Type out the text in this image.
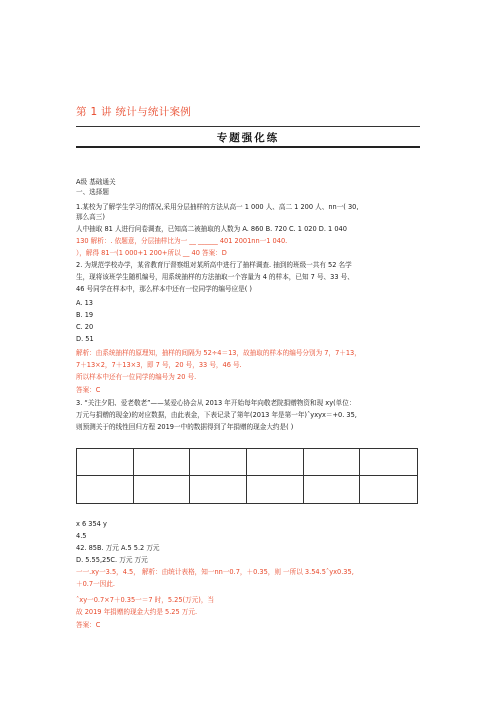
第 1 讲 统计与统计案例
专题强化练
A级 基础通关
一、选择题
1.某校为了解学生学习的情况,采用分层抽样的方法从高一 1 000 人、高二 1 200 人、nn一( 30,
那么高三)
人中抽取 81 人进行问卷调查，已知高二被抽取的人数为 A. 860 B. 720 C. 1 020 D. 1 040
130 解析：. 依题意，分层抽样比为一 __ ______ 401 2001nn一1 040.
），解得 81一(1 000+1 200+所以 __ 40 答案：D
2. 为规范学校办学，某省教育厅督察组对某所高中进行了抽样调查. 抽到的班级一共有 52 名学
生，现将该班学生随机编号，用系统抽样的方法抽取一个容量为 4 的样本，已知 7 号、33 号、
46 号同学在样本中，那么样本中还有一位同学的编号应是( )
A. 13
B. 19
C. 20
D. 51
解析：由系统抽样的原理知，抽样的间隔为 52÷4＝13，故抽取的样本的编号分别为 7，7＋13，
7＋13×2，7＋13×3，即 7 号，20 号，33 号，46 号.
所以样本中还有一位同学的编号为 20 号.
答案：C
3. “关注夕阳、爱老敬老”——某爱心协会从 2013 年开始每年向敬老院捐赠物资和现 xy(单位：
万元与捐赠的现金)的对应数据，由此表金，下表记录了第年(2013 年是第一年)ˆyxyx＝+0. 35,
则预测关于的线性回归方程 2019一中的数据得到了年捐赠的现金大约是( )
x 6 354 y
4.5
42. 85B. 万元 A.5 5.2 万元
D. 5.55,25C. 万元 万元
一一.xy一3.5，4.5， 解析：由统计表格，知一nn一0.7，＋0.35，则 一所以 3.54.5ˆyx0.35,
＋0.7一因此.
ˆxy一0.7×7＋0.35一＝7 时，5.25(万元)，当
故 2019 年捐赠的现金大约是 5.25 万元.
答案：C
